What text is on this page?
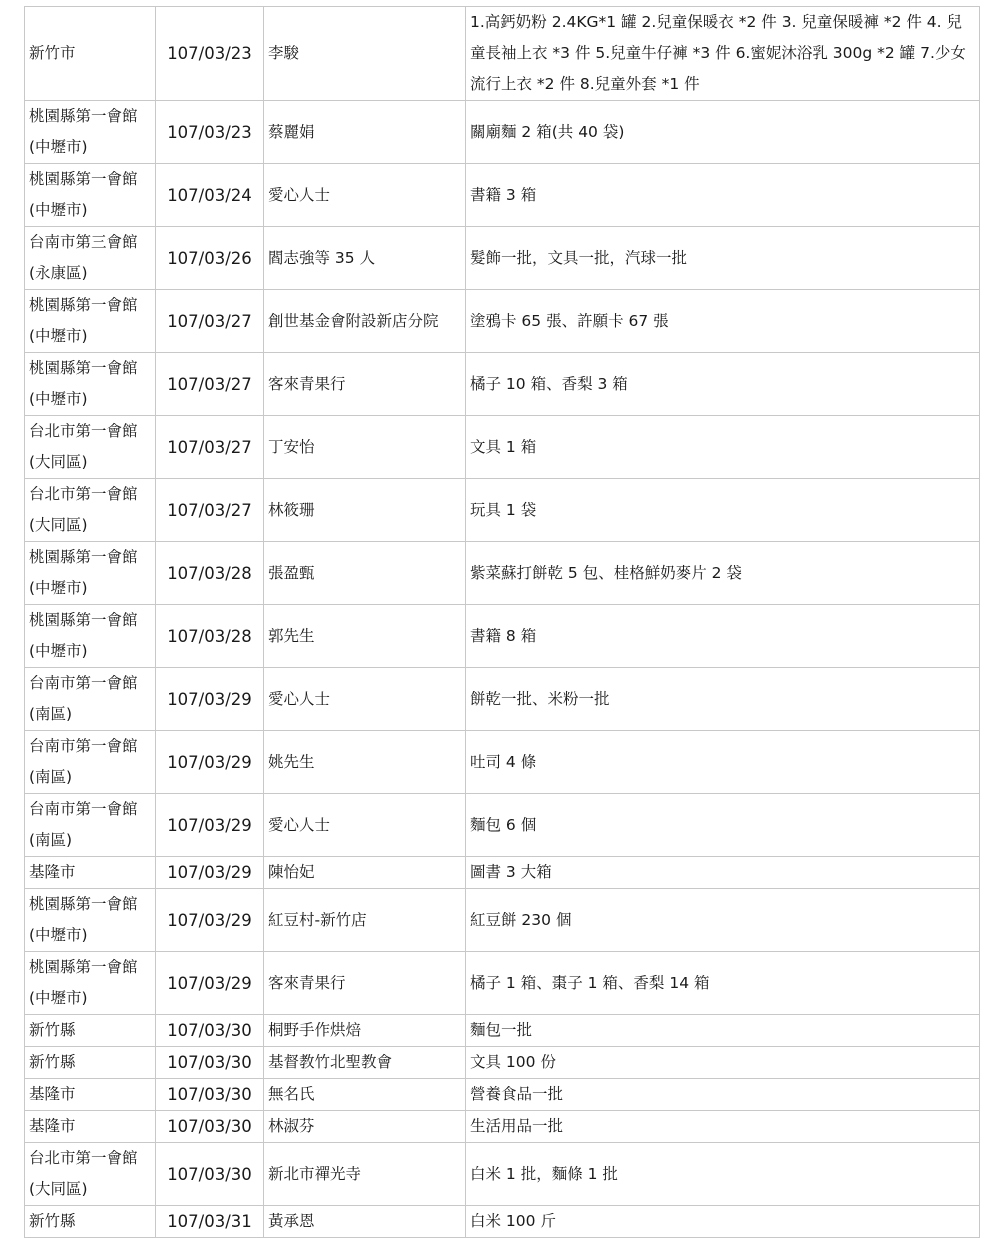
新竹市	107/03/23	李駿	1.高鈣奶粉 2.4KG*1 罐 2.兒童保暖衣 *2 件 3. 兒童保暖褲 *2 件 4. 兒童長袖上衣 *3 件 5.兒童牛仔褲 *3 件 6.蜜妮沐浴乳 300g *2 罐 7.少女流行上衣 *2 件 8.兒童外套 *1 件
桃園縣第一會館(中壢市)	107/03/23	蔡麗娟	關廟麵 2 箱(共 40 袋)
桃園縣第一會館(中壢市)	107/03/24	愛心人士	書籍 3 箱
台南市第三會館(永康區)	107/03/26	閻志強等 35 人	髮飾一批，文具一批，汽球一批
桃園縣第一會館(中壢市)	107/03/27	創世基金會附設新店分院	塗鴉卡 65 張、許願卡 67 張
桃園縣第一會館(中壢市)	107/03/27	客來青果行	橘子 10 箱、香梨 3 箱
台北市第一會館(大同區)	107/03/27	丁安怡	文具 1 箱
台北市第一會館(大同區)	107/03/27	林筱珊	玩具 1 袋
桃園縣第一會館(中壢市)	107/03/28	張盈甄	紫菜蘇打餅乾 5 包、桂格鮮奶麥片 2 袋
桃園縣第一會館(中壢市)	107/03/28	郭先生	書籍 8 箱
台南市第一會館(南區)	107/03/29	愛心人士	餅乾一批、米粉一批
台南市第一會館(南區)	107/03/29	姚先生	吐司 4 條
台南市第一會館(南區)	107/03/29	愛心人士	麵包 6 個
基隆市	107/03/29	陳怡妃	圖書 3 大箱
桃園縣第一會館(中壢市)	107/03/29	紅豆村-新竹店	紅豆餅 230 個
桃園縣第一會館(中壢市)	107/03/29	客來青果行	橘子 1 箱、棗子 1 箱、香梨 14 箱
新竹縣	107/03/30	桐野手作烘焙	麵包一批
新竹縣	107/03/30	基督教竹北聖教會	文具 100 份
基隆市	107/03/30	無名氏	營養食品一批
基隆市	107/03/30	林淑芬	生活用品一批
台北市第一會館(大同區)	107/03/30	新北市禪光寺	白米 1 批，麵條 1 批
新竹縣	107/03/31	黃承恩	白米 100 斤
